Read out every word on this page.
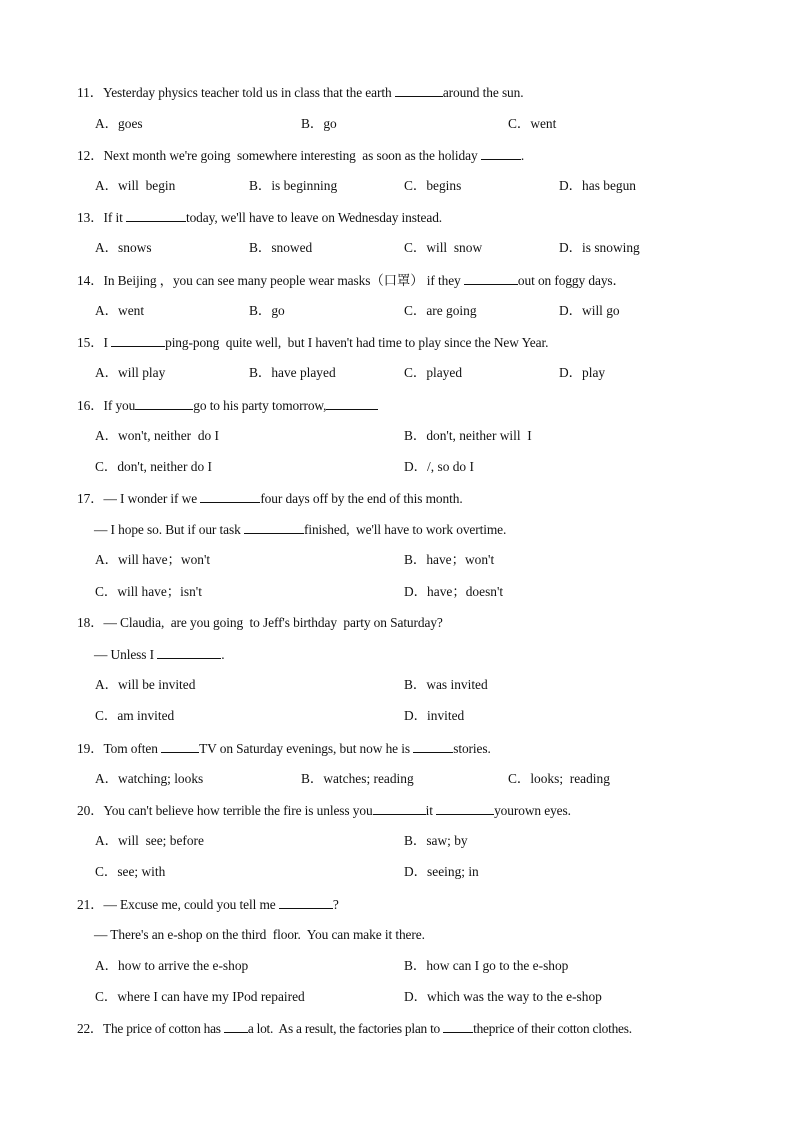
11．Yesterday physics teacher told us in class that the earth	around the sun.
A．goes	B．go	C．went
12．Next month we're going  somewhere interesting  as soon as the holiday	.
A．will  begin	B．is beginning	C．begins	D．has begun
13．If it	today, we'll have to leave on Wednesday instead.
A．snows	B．snowed	C．will  snow	D．is snowing
14．In Beijing ，you can see many people wear masks（口罩） if they	out on foggy days．
A．went	B．go	C．are going	D．will go
15．I	ping-pong  quite well,  but I haven't had time to play since the New Year.
A．will play	B．have played	C．played	D．play
16．If you	go to his party tomorrow,
A．won't, neither  do I	B．don't, neither will  I
C．don't, neither do I	D．/, so do I
17．— I wonder if we	four days off by the end of this month.
— I hope so. But if our task	finished,  we'll have to work overtime.
A．will have；won't	B．have；won't
C．will have；isn't	D．have；doesn't
18．— Claudia,  are you going  to Jeff's birthday  party on Saturday?
— Unless I	.
A．will be invited	B．was invited
C．am invited	D．invited
19．Tom often	TV on Saturday evenings, but now he is	stories.
A．watching; looks	B．watches; reading	C．looks;  reading
20．You can't believe how terrible the fire is unless you	it	yourown eyes.
A．will  see; before	B．saw; by
C．see; with	D．seeing; in
21．— Excuse me, could you tell me	?
— There's an e-shop on the third  floor.  You can make it there.
A．how to arrive the e-shop	B．how can I go to the e-shop
C．where I can have my IPod repaired	D．which was the way to the e-shop
22．The price of cotton has a lot.  As a result, the factories plan to theprice of their cotton clothes.
